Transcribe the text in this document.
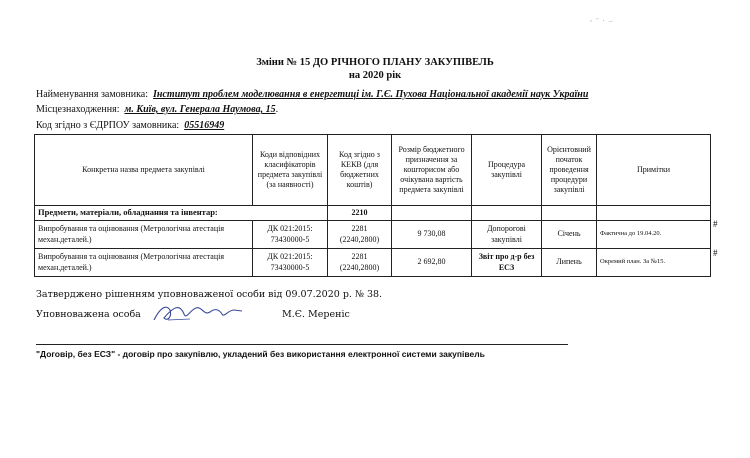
, - . _
Зміни № 15 ДО РІЧНОГО ПЛАНУ ЗАКУПІВЕЛЬ
на 2020 рік
Найменування замовника: Інститут проблем моделювання в енергетиці ім. Г.Є. Пухова Національної академії наук України
Місцезнаходження: м. Київ, вул. Генерала Наумова, 15.
Код згідно з ЄДРПОУ замовника: 05516949
Конкретна назва предмета закупівлі	Коди відповідних класифікаторів предмета закупівлі (за наявності)	Код згідно з КЕКВ (для бюджетних коштів)	Розмір бюджетного призначення за кошторисом або очікувана вартість предмета закупівлі	Процедура закупівлі	Орієнтовний початок проведення процедури закупівлі	Примітки
Предмети, матеріали, обладнання та інвентар:		2210				
Випробування та оцінювання (Метрологічна атестація механ.деталей.)	ДК 021:2015: 73430000-5	2281 (2240,2800)	9 730,08	Допорогові закупівлі	Січень	Фактична до 19.04.20.
Випробування та оцінювання (Метрологічна атестація механ.деталей.)	ДК 021:2015: 73430000-5	2281 (2240,2800)	2 692,80	Звіт про д-р без ЕСЗ	Липень	Окремий план. За №15.
#
#
Затверджено рішенням уповноваженої особи від 09.07.2020 р. № 38.
Уповноважена особа	М.Є. Мереніс
"Договір, без ЕСЗ" - договір про закупівлю, укладений без використання електронної системи закупівель
